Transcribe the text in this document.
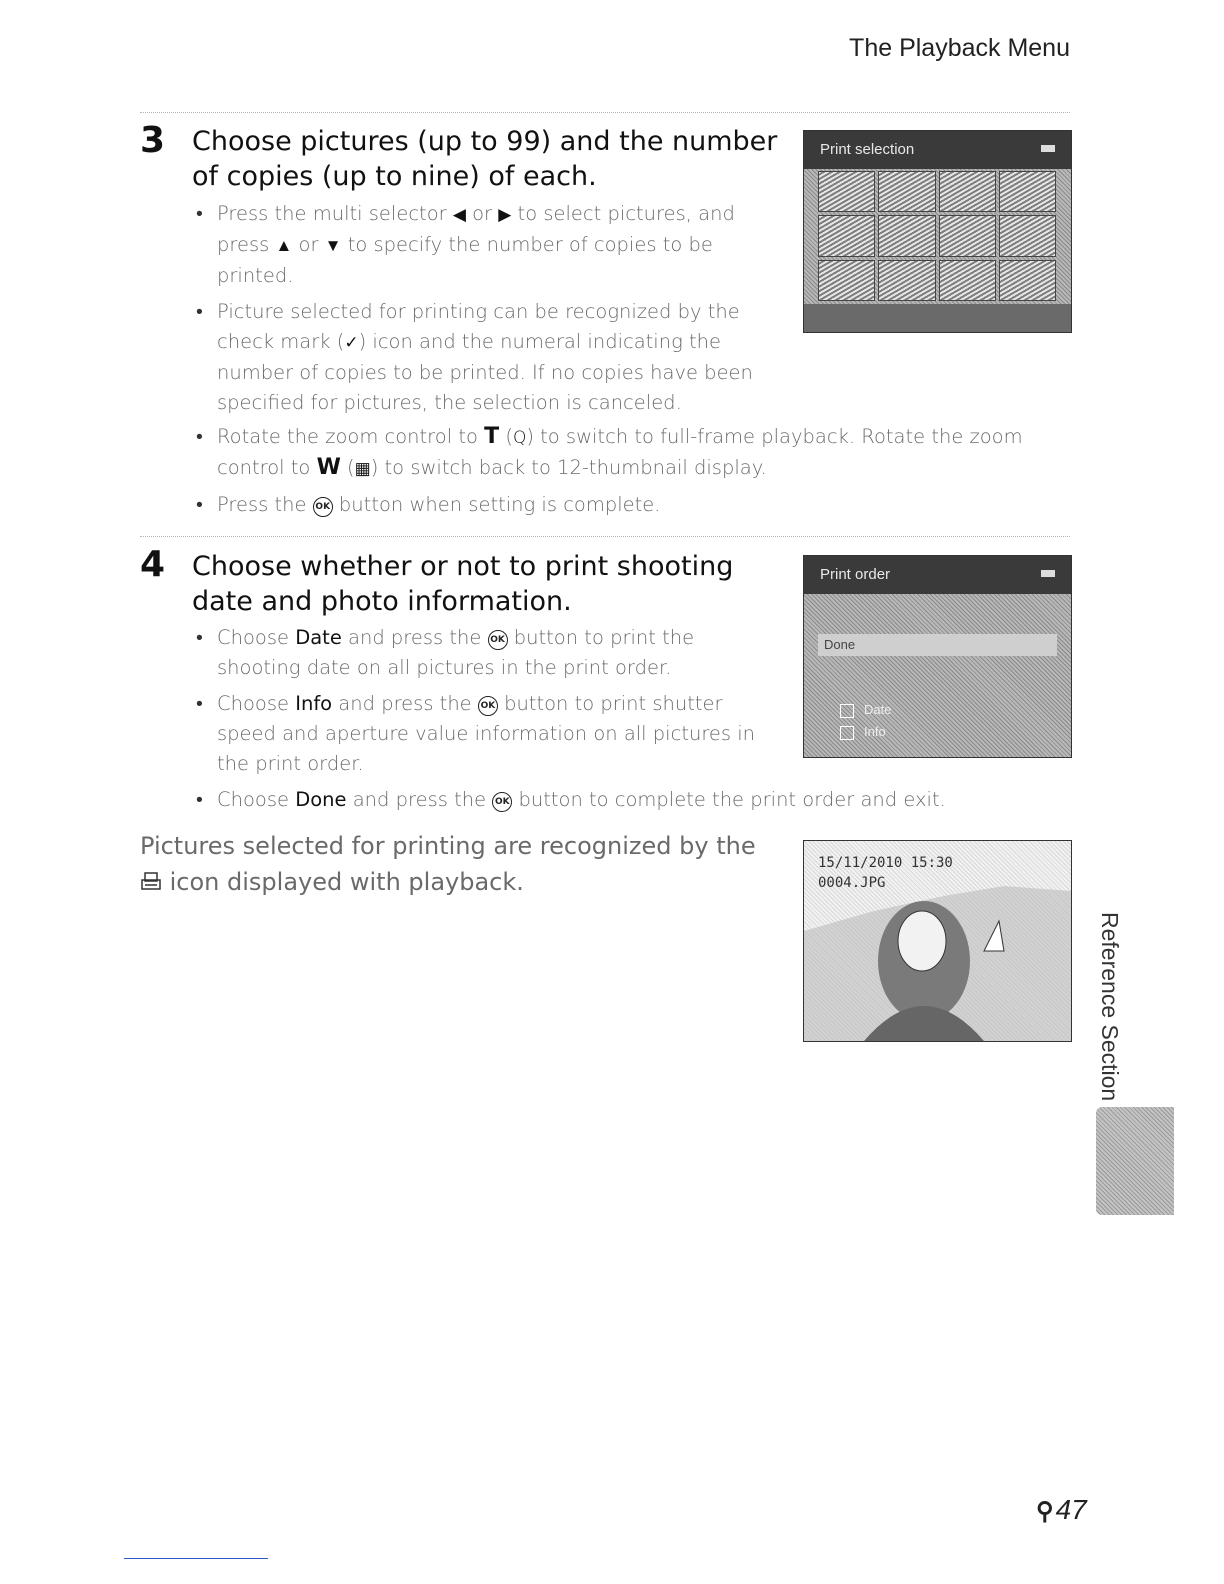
The Playback Menu
3 Choose pictures (up to 99) and the number of copies (up to nine) of each.
• Press the multi selector ◀ or ▶ to select pictures, and press ▲ or ▼ to specify the number of copies to be printed.
• Picture selected for printing can be recognized by the check mark (✓) icon and the numeral indicating the number of copies to be printed. If no copies have been specified for pictures, the selection is canceled.
• Rotate the zoom control to T (Q) to switch to full-frame playback. Rotate the zoom control to W (▦) to switch back to 12-thumbnail display.
• Press the OK button when setting is complete.
Print selection
4 Choose whether or not to print shooting date and photo information.
• Choose Date and press the OK button to print the shooting date on all pictures in the print order.
• Choose Info and press the OK button to print shutter speed and aperture value information on all pictures in the print order.
• Choose Done and press the OK button to complete the print order and exit.
Print order
Done
Date
Info
Pictures selected for printing are recognized by the  icon displayed with playback.
15/11/2010 15:30
0004.JPG
Reference Section
⚲47
